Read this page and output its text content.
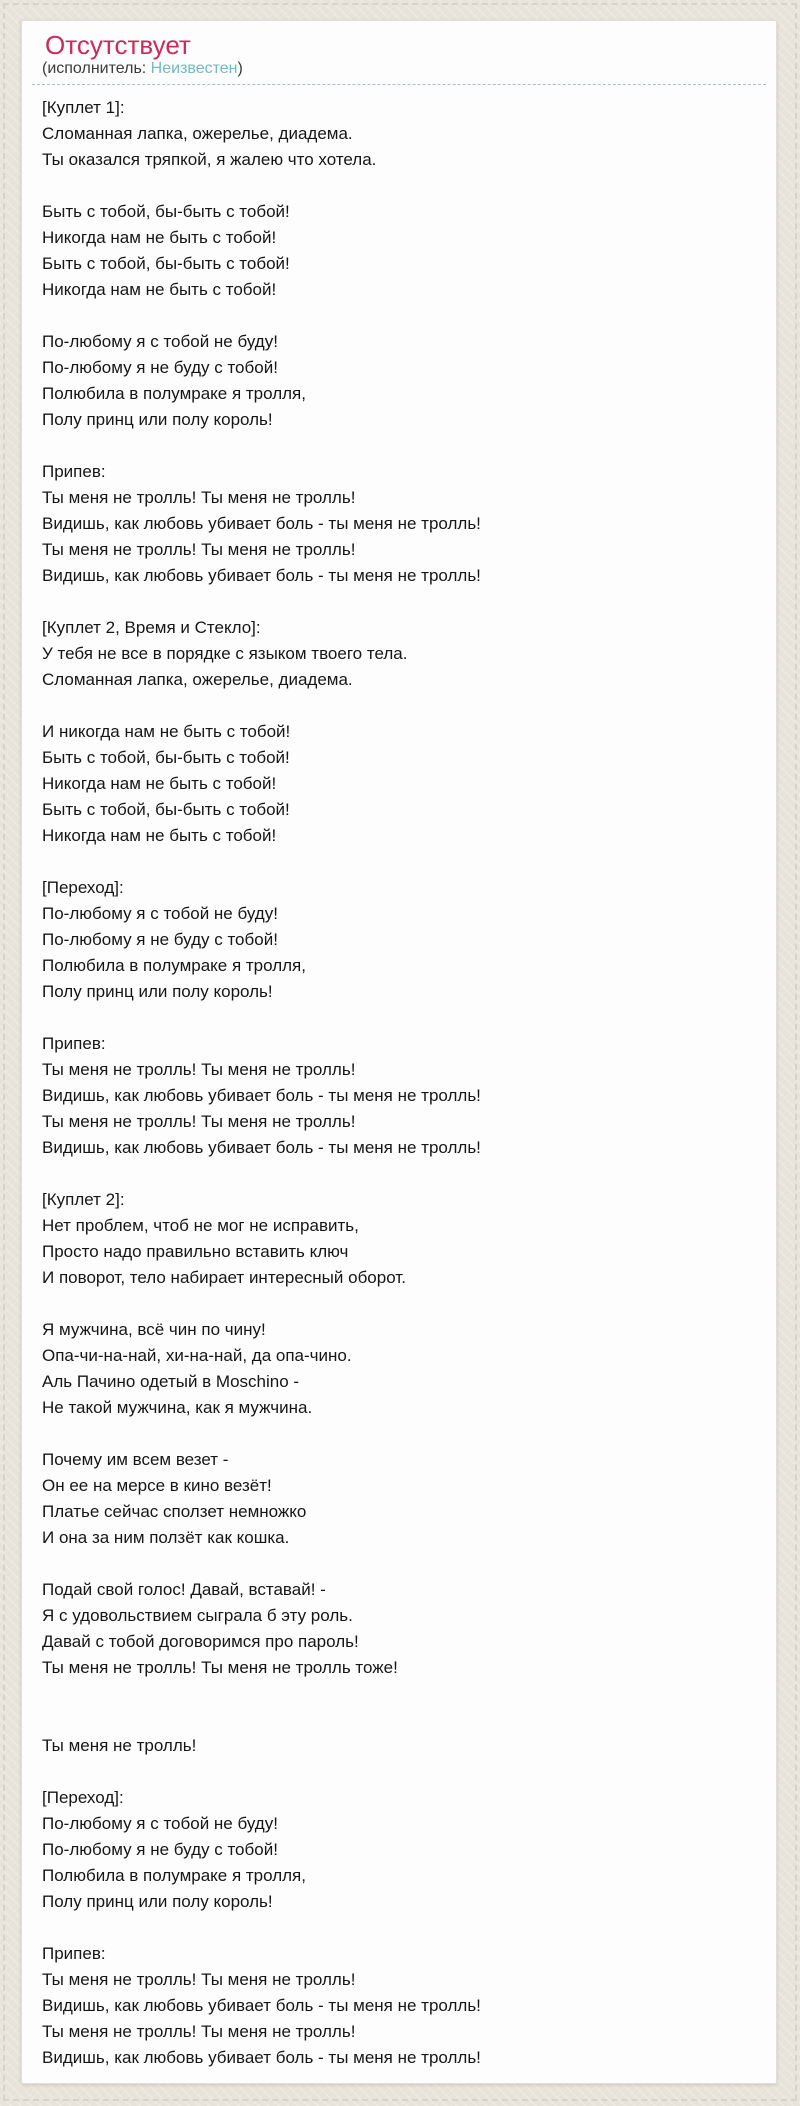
Отсутствует
(исполнитель: Неизвестен)
[Куплет 1]:
Сломанная лапка, ожерелье, диадема.
Ты оказался тряпкой, я жалею что хотела.
Быть с тобой, бы-быть с тобой!
Никогда нам не быть с тобой!
Быть с тобой, бы-быть с тобой!
Никогда нам не быть с тобой!
По-любому я с тобой не буду!
По-любому я не буду с тобой!
Полюбила в полумраке я тролля,
Полу принц или полу король!
Припев:
Ты меня не тролль! Ты меня не тролль!
Видишь, как любовь убивает боль - ты меня не тролль!
Ты меня не тролль! Ты меня не тролль!
Видишь, как любовь убивает боль - ты меня не тролль!
[Куплет 2, Время и Стекло]:
У тебя не все в порядке с языком твоего тела.
Сломанная лапка, ожерелье, диадема.
И никогда нам не быть с тобой!
Быть с тобой, бы-быть с тобой!
Никогда нам не быть с тобой!
Быть с тобой, бы-быть с тобой!
Никогда нам не быть с тобой!
[Переход]:
По-любому я с тобой не буду!
По-любому я не буду с тобой!
Полюбила в полумраке я тролля,
Полу принц или полу король!
Припев:
Ты меня не тролль! Ты меня не тролль!
Видишь, как любовь убивает боль - ты меня не тролль!
Ты меня не тролль! Ты меня не тролль!
Видишь, как любовь убивает боль - ты меня не тролль!
[Куплет 2]:
Нет проблем, чтоб не мог не исправить,
Просто надо правильно вставить ключ
И поворот, тело набирает интересный оборот.
Я мужчина, всё чин по чину!
Опа-чи-на-най, хи-на-най, да опа-чино.
Аль Пачино одетый в Moschino -
Не такой мужчина, как я мужчина.
Почему им всем везет -
Он ее на мерсе в кино везёт!
Платье сейчас сползет немножко
И она за ним ползёт как кошка.
Подай свой голос! Давай, вставай! -
Я с удовольствием сыграла б эту роль.
Давай с тобой договоримся про пароль!
Ты меня не тролль! Ты меня не тролль тоже!
Ты меня не тролль!
[Переход]:
По-любому я с тобой не буду!
По-любому я не буду с тобой!
Полюбила в полумраке я тролля,
Полу принц или полу король!
Припев:
Ты меня не тролль! Ты меня не тролль!
Видишь, как любовь убивает боль - ты меня не тролль!
Ты меня не тролль! Ты меня не тролль!
Видишь, как любовь убивает боль - ты меня не тролль!
